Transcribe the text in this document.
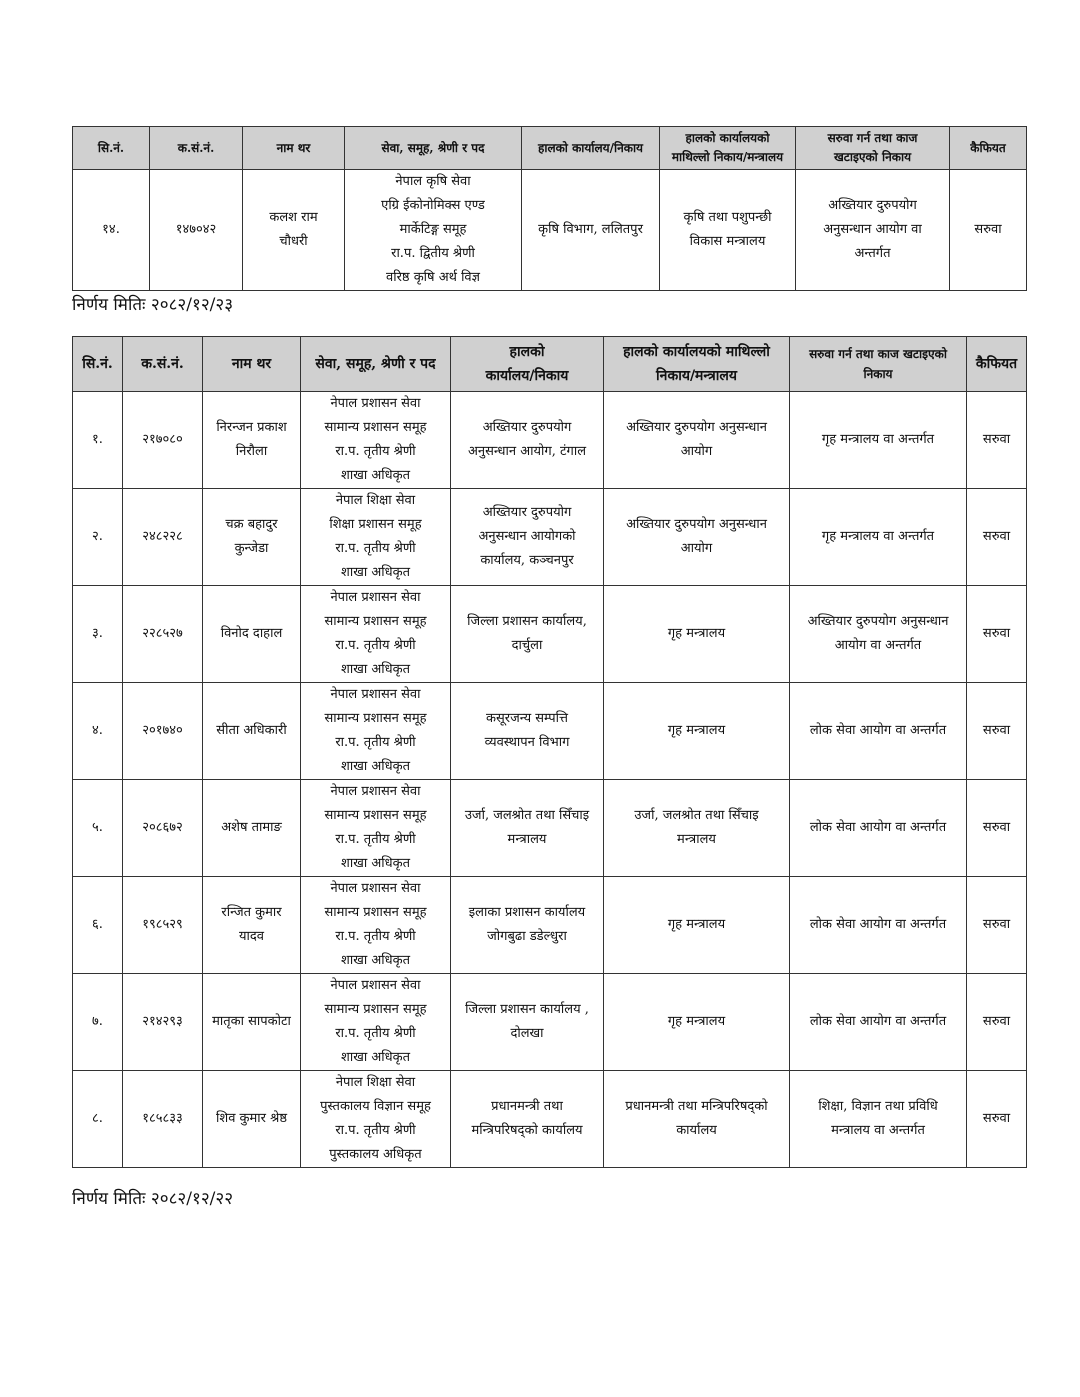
सि.नं.	क.सं.नं.	नाम थर	सेवा, समूह, श्रेणी र पद	हालको कार्यालय/निकाय	हालको कार्यालयको
माथिल्लो निकाय/मन्त्रालय	सरुवा गर्न तथा काज
खटाइएको निकाय	कैफियत
१४.	१४७०४२	कलश राम
चौधरी	नेपाल कृषि सेवा
एग्रि ईकोनोमिक्स एण्ड
मार्केटिङ्ग समूह
रा.प. द्वितीय श्रेणी
वरिष्ठ कृषि अर्थ विज्ञ	कृषि विभाग, ललितपुर	कृषि तथा पशुपन्छी
विकास मन्त्रालय	अख्तियार दुरुपयोग
अनुसन्धान आयोग वा
अन्तर्गत	सरुवा

निर्णय मितिः २०८२/१२/२३

सि.नं.	क.सं.नं.	नाम थर	सेवा, समूह, श्रेणी र पद	हालको
कार्यालय/निकाय	हालको कार्यालयको माथिल्लो
निकाय/मन्त्रालय	सरुवा गर्न तथा काज खटाइएको
निकाय	कैफियत
१.	२१७०८०	निरन्जन प्रकाश
निरौला	नेपाल प्रशासन सेवा
सामान्य प्रशासन समूह
रा.प. तृतीय श्रेणी
शाखा अधिकृत	अख्तियार दुरुपयोग
अनुसन्धान आयोग, टंगाल	अख्तियार दुरुपयोग अनुसन्धान
आयोग	गृह मन्त्रालय वा अन्तर्गत	सरुवा
२.	२४८२२८	चक्र बहादुर
कुन्जेडा	नेपाल शिक्षा सेवा
शिक्षा प्रशासन समूह
रा.प. तृतीय श्रेणी
शाखा अधिकृत	अख्तियार दुरुपयोग
अनुसन्धान आयोगको
कार्यालय, कञ्चनपुर	अख्तियार दुरुपयोग अनुसन्धान
आयोग	गृह मन्त्रालय वा अन्तर्गत	सरुवा
३.	२२८५२७	विनोद दाहाल	नेपाल प्रशासन सेवा
सामान्य प्रशासन समूह
रा.प. तृतीय श्रेणी
शाखा अधिकृत	जिल्ला प्रशासन कार्यालय,
दार्चुला	गृह मन्त्रालय	अख्तियार दुरुपयोग अनुसन्धान
आयोग वा अन्तर्गत	सरुवा
४.	२०१७४०	सीता अधिकारी	नेपाल प्रशासन सेवा
सामान्य प्रशासन समूह
रा.प. तृतीय श्रेणी
शाखा अधिकृत	कसूरजन्य सम्पत्ति
व्यवस्थापन विभाग	गृह मन्त्रालय	लोक सेवा आयोग वा अन्तर्गत	सरुवा
५.	२०८६७२	अशेष तामाङ	नेपाल प्रशासन सेवा
सामान्य प्रशासन समूह
रा.प. तृतीय श्रेणी
शाखा अधिकृत	उर्जा, जलश्रोत तथा सिँचाइ
मन्त्रालय	उर्जा, जलश्रोत तथा सिँचाइ
मन्त्रालय	लोक सेवा आयोग वा अन्तर्गत	सरुवा
६.	१९८५२९	रन्जित कुमार
यादव	नेपाल प्रशासन सेवा
सामान्य प्रशासन समूह
रा.प. तृतीय श्रेणी
शाखा अधिकृत	इलाका प्रशासन कार्यालय
जोगबुढा डडेल्धुरा	गृह मन्त्रालय	लोक सेवा आयोग वा अन्तर्गत	सरुवा
७.	२१४२९३	मातृका सापकोटा	नेपाल प्रशासन सेवा
सामान्य प्रशासन समूह
रा.प. तृतीय श्रेणी
शाखा अधिकृत	जिल्ला प्रशासन कार्यालय ,
दोलखा	गृह मन्त्रालय	लोक सेवा आयोग वा अन्तर्गत	सरुवा
८.	१८५८३३	शिव कुमार श्रेष्ठ	नेपाल शिक्षा सेवा
पुस्तकालय विज्ञान समूह
रा.प. तृतीय श्रेणी
पुस्तकालय अधिकृत	प्रधानमन्त्री तथा
मन्त्रिपरिषद्को कार्यालय	प्रधानमन्त्री तथा मन्त्रिपरिषद्को
कार्यालय	शिक्षा, विज्ञान तथा प्रविधि
मन्त्रालय वा अन्तर्गत	सरुवा

निर्णय मितिः २०८२/१२/२२
